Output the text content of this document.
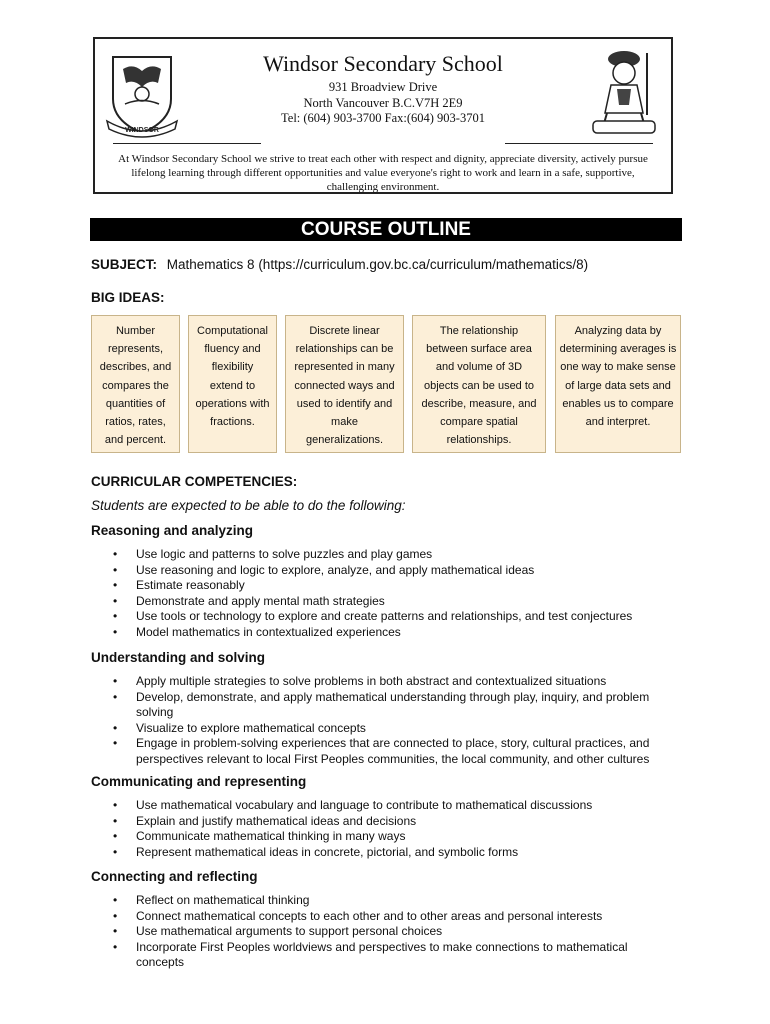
WINDSOR
Windsor Secondary School
931 Broadview Drive
North Vancouver B.C.V7H 2E9
Tel: (604) 903-3700 Fax:(604) 903-3701
At Windsor Secondary School we strive to treat each other with respect and dignity, appreciate diversity, actively pursue lifelong learning through different opportunities and value everyone's right to work and learn in a safe, supportive, challenging environment.
COURSE OUTLINE
SUBJECT: Mathematics 8 (https://curriculum.gov.bc.ca/curriculum/mathematics/8)
BIG IDEAS:
Number represents, describes, and compares the quantities of ratios, rates, and percent.
Computational fluency and flexibility extend to operations with fractions.
Discrete linear relationships can be represented in many connected ways and used to identify and make generalizations.
The relationship between surface area and volume of 3D objects can be used to describe, measure, and compare spatial relationships.
Analyzing data by determining averages is one way to make sense of large data sets and enables us to compare and interpret.
CURRICULAR COMPETENCIES:
Students are expected to be able to do the following:
Reasoning and analyzing
• Use logic and patterns to solve puzzles and play games
• Use reasoning and logic to explore, analyze, and apply mathematical ideas
• Estimate reasonably
• Demonstrate and apply mental math strategies
• Use tools or technology to explore and create patterns and relationships, and test conjectures
• Model mathematics in contextualized experiences
Understanding and solving
• Apply multiple strategies to solve problems in both abstract and contextualized situations
• Develop, demonstrate, and apply mathematical understanding through play, inquiry, and problem solving
• Visualize to explore mathematical concepts
• Engage in problem-solving experiences that are connected to place, story, cultural practices, and perspectives relevant to local First Peoples communities, the local community, and other cultures
Communicating and representing
• Use mathematical vocabulary and language to contribute to mathematical discussions
• Explain and justify mathematical ideas and decisions
• Communicate mathematical thinking in many ways
• Represent mathematical ideas in concrete, pictorial, and symbolic forms
Connecting and reflecting
• Reflect on mathematical thinking
• Connect mathematical concepts to each other and to other areas and personal interests
• Use mathematical arguments to support personal choices
• Incorporate First Peoples worldviews and perspectives to make connections to mathematical concepts
